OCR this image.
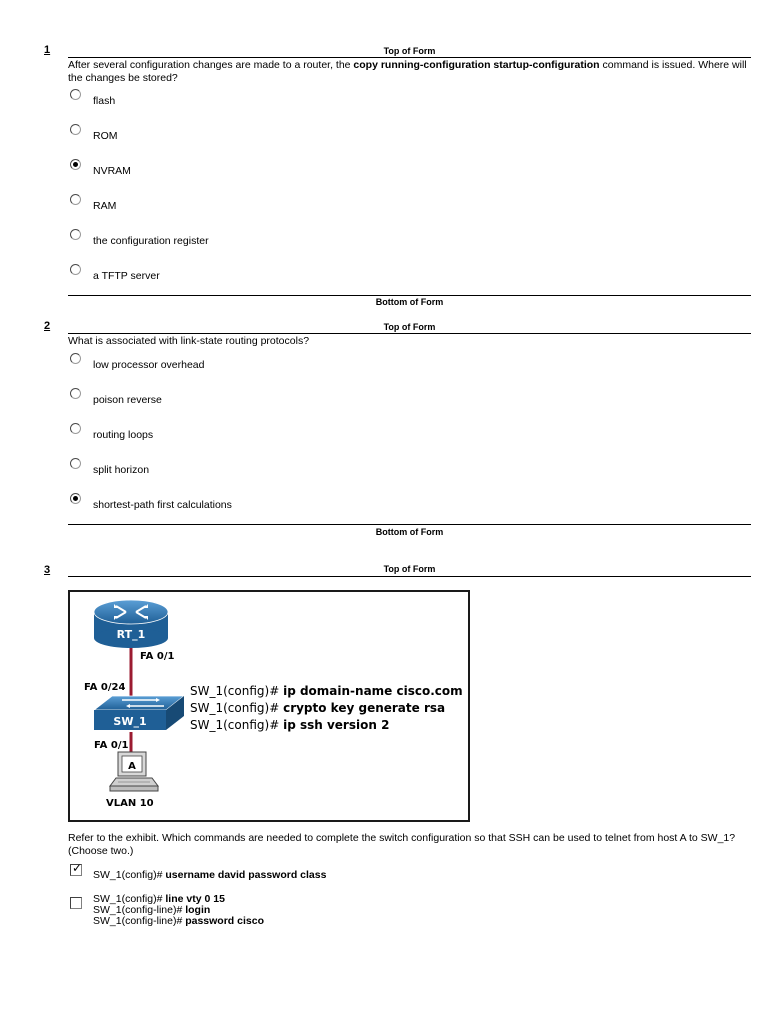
1	Top of Form
After several configuration changes are made to a router, the copy running-configuration startup-configuration command is issued. Where will the changes be stored?
flash
ROM
NVRAM
RAM
the configuration register
a TFTP server
Bottom of Form
2	Top of Form
What is associated with link-state routing protocols?
low processor overhead
poison reverse
routing loops
split horizon
shortest-path first calculations
Bottom of Form
3	Top of Form
RT_1
FA 0/1
FA 0/24
SW_1
FA 0/1
A
VLAN 10
SW_1(config)# ip domain-name cisco.com
SW_1(config)# crypto key generate rsa
SW_1(config)# ip ssh version 2
Refer to the exhibit. Which commands are needed to complete the switch configuration so that SSH can be used to telnet from host A to SW_1? (Choose two.)
✓ SW_1(config)# username david password class
SW_1(config)# line vty 0 15
SW_1(config-line)# login
SW_1(config-line)# password cisco
